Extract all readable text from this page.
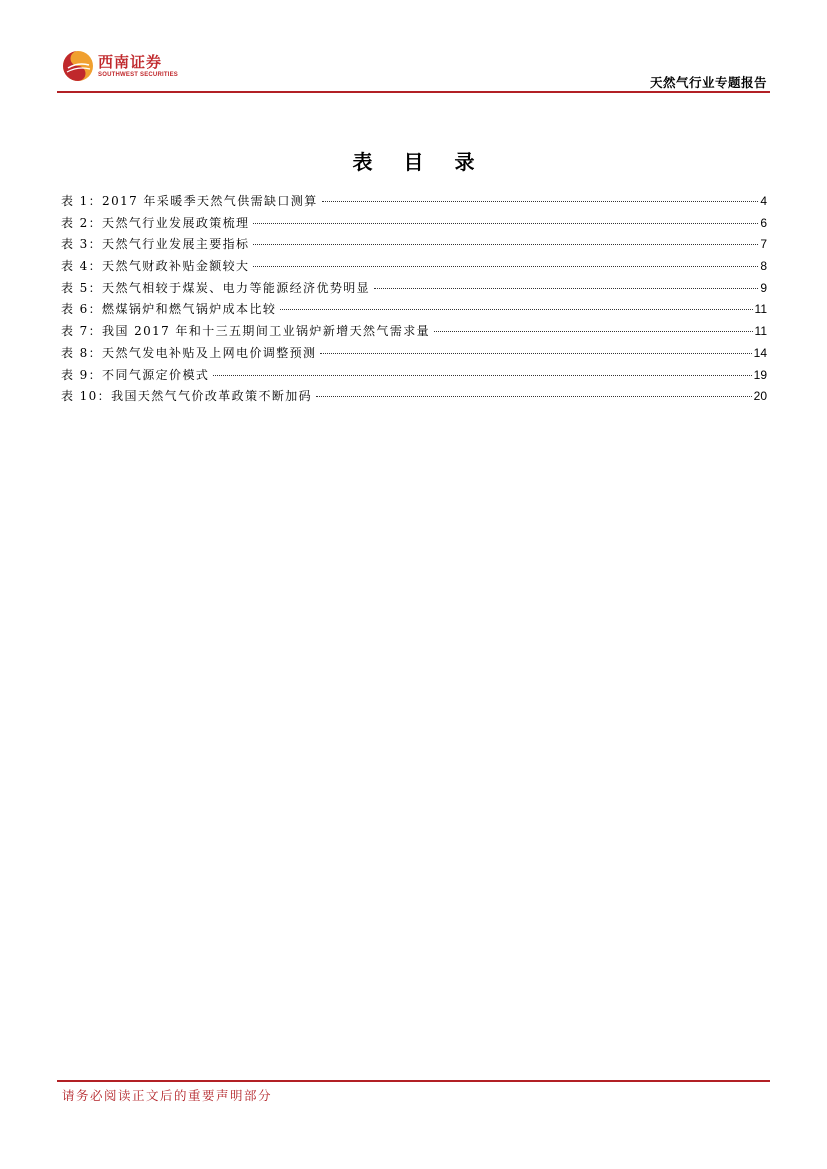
西南证券
SOUTHWEST SECURITIES
天然气行业专题报告
表 目 录
表 1：2017 年采暖季天然气供需缺口测算	4
表 2：天然气行业发展政策梳理	6
表 3：天然气行业发展主要指标	7
表 4：天然气财政补贴金额较大	8
表 5：天然气相较于煤炭、电力等能源经济优势明显	9
表 6：燃煤锅炉和燃气锅炉成本比较	11
表 7：我国 2017 年和十三五期间工业锅炉新增天然气需求量	11
表 8：天然气发电补贴及上网电价调整预测	14
表 9：不同气源定价模式	19
表 10：我国天然气气价改革政策不断加码	20
请务必阅读正文后的重要声明部分
